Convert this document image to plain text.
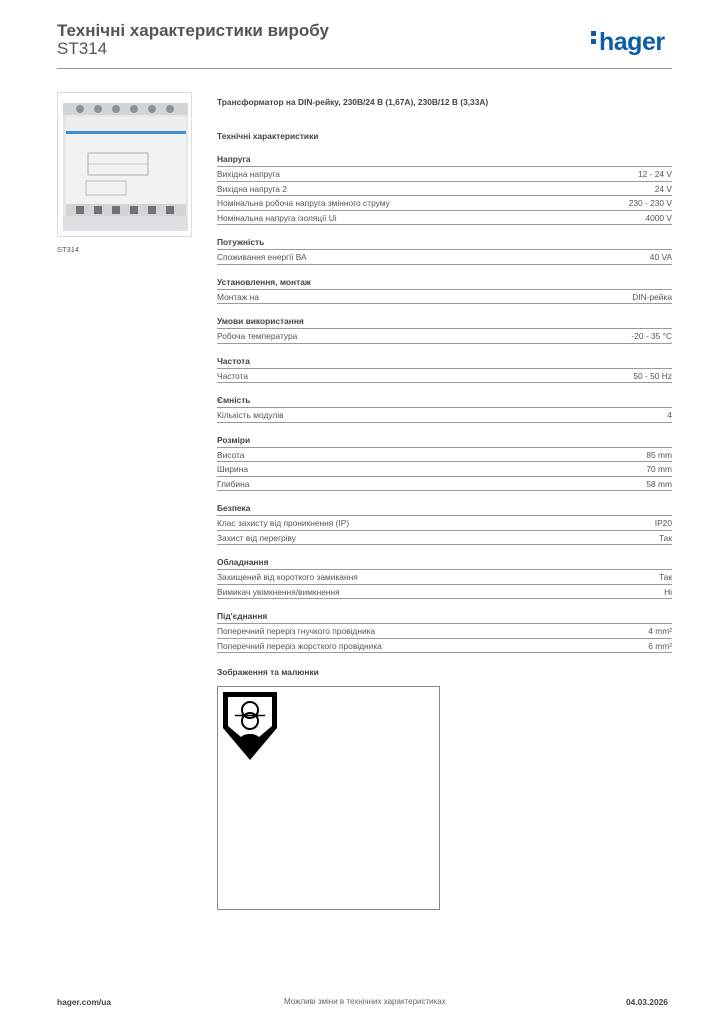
Технічні характеристики виробу
ST314	hager
ST314
Трансформатор на DIN-рейку, 230В/24 В (1,67А), 230В/12 В (3,33А)
Технічні характеристики
Напруга
Вихідна напруга	12 - 24 V
Вихідна напруга 2	24 V
Номінальна робоча напруга змінного струму	230 - 230 V
Номінальна напруга ізоляції Ui	4000 V
Потужність
Споживання енергії ВА	40 VA
Установлення, монтаж
Монтаж на	DIN-рейка
Умови використання
Робоча температура	-20 - 35 °C
Частота
Частота	50 - 50 Hz
Ємність
Кількість модулів	4
Розміри
Висота	85 mm
Ширина	70 mm
Глибина	58 mm
Безпека
Клас захисту від проникнення (IP)	IP20
Захист від перегріву	Так
Обладнання
Захищений від короткого замикання	Так
Вимикач увімкнення/вимкнення	Ні
Під'єднання
Поперечний переріз гнучкого провідника	4 mm²
Поперечний переріз жорсткого провідника	6 mm²
Зображення та малюнки
hager.com/ua	Можливі зміни в технічних характеристиках	04.03.2026
